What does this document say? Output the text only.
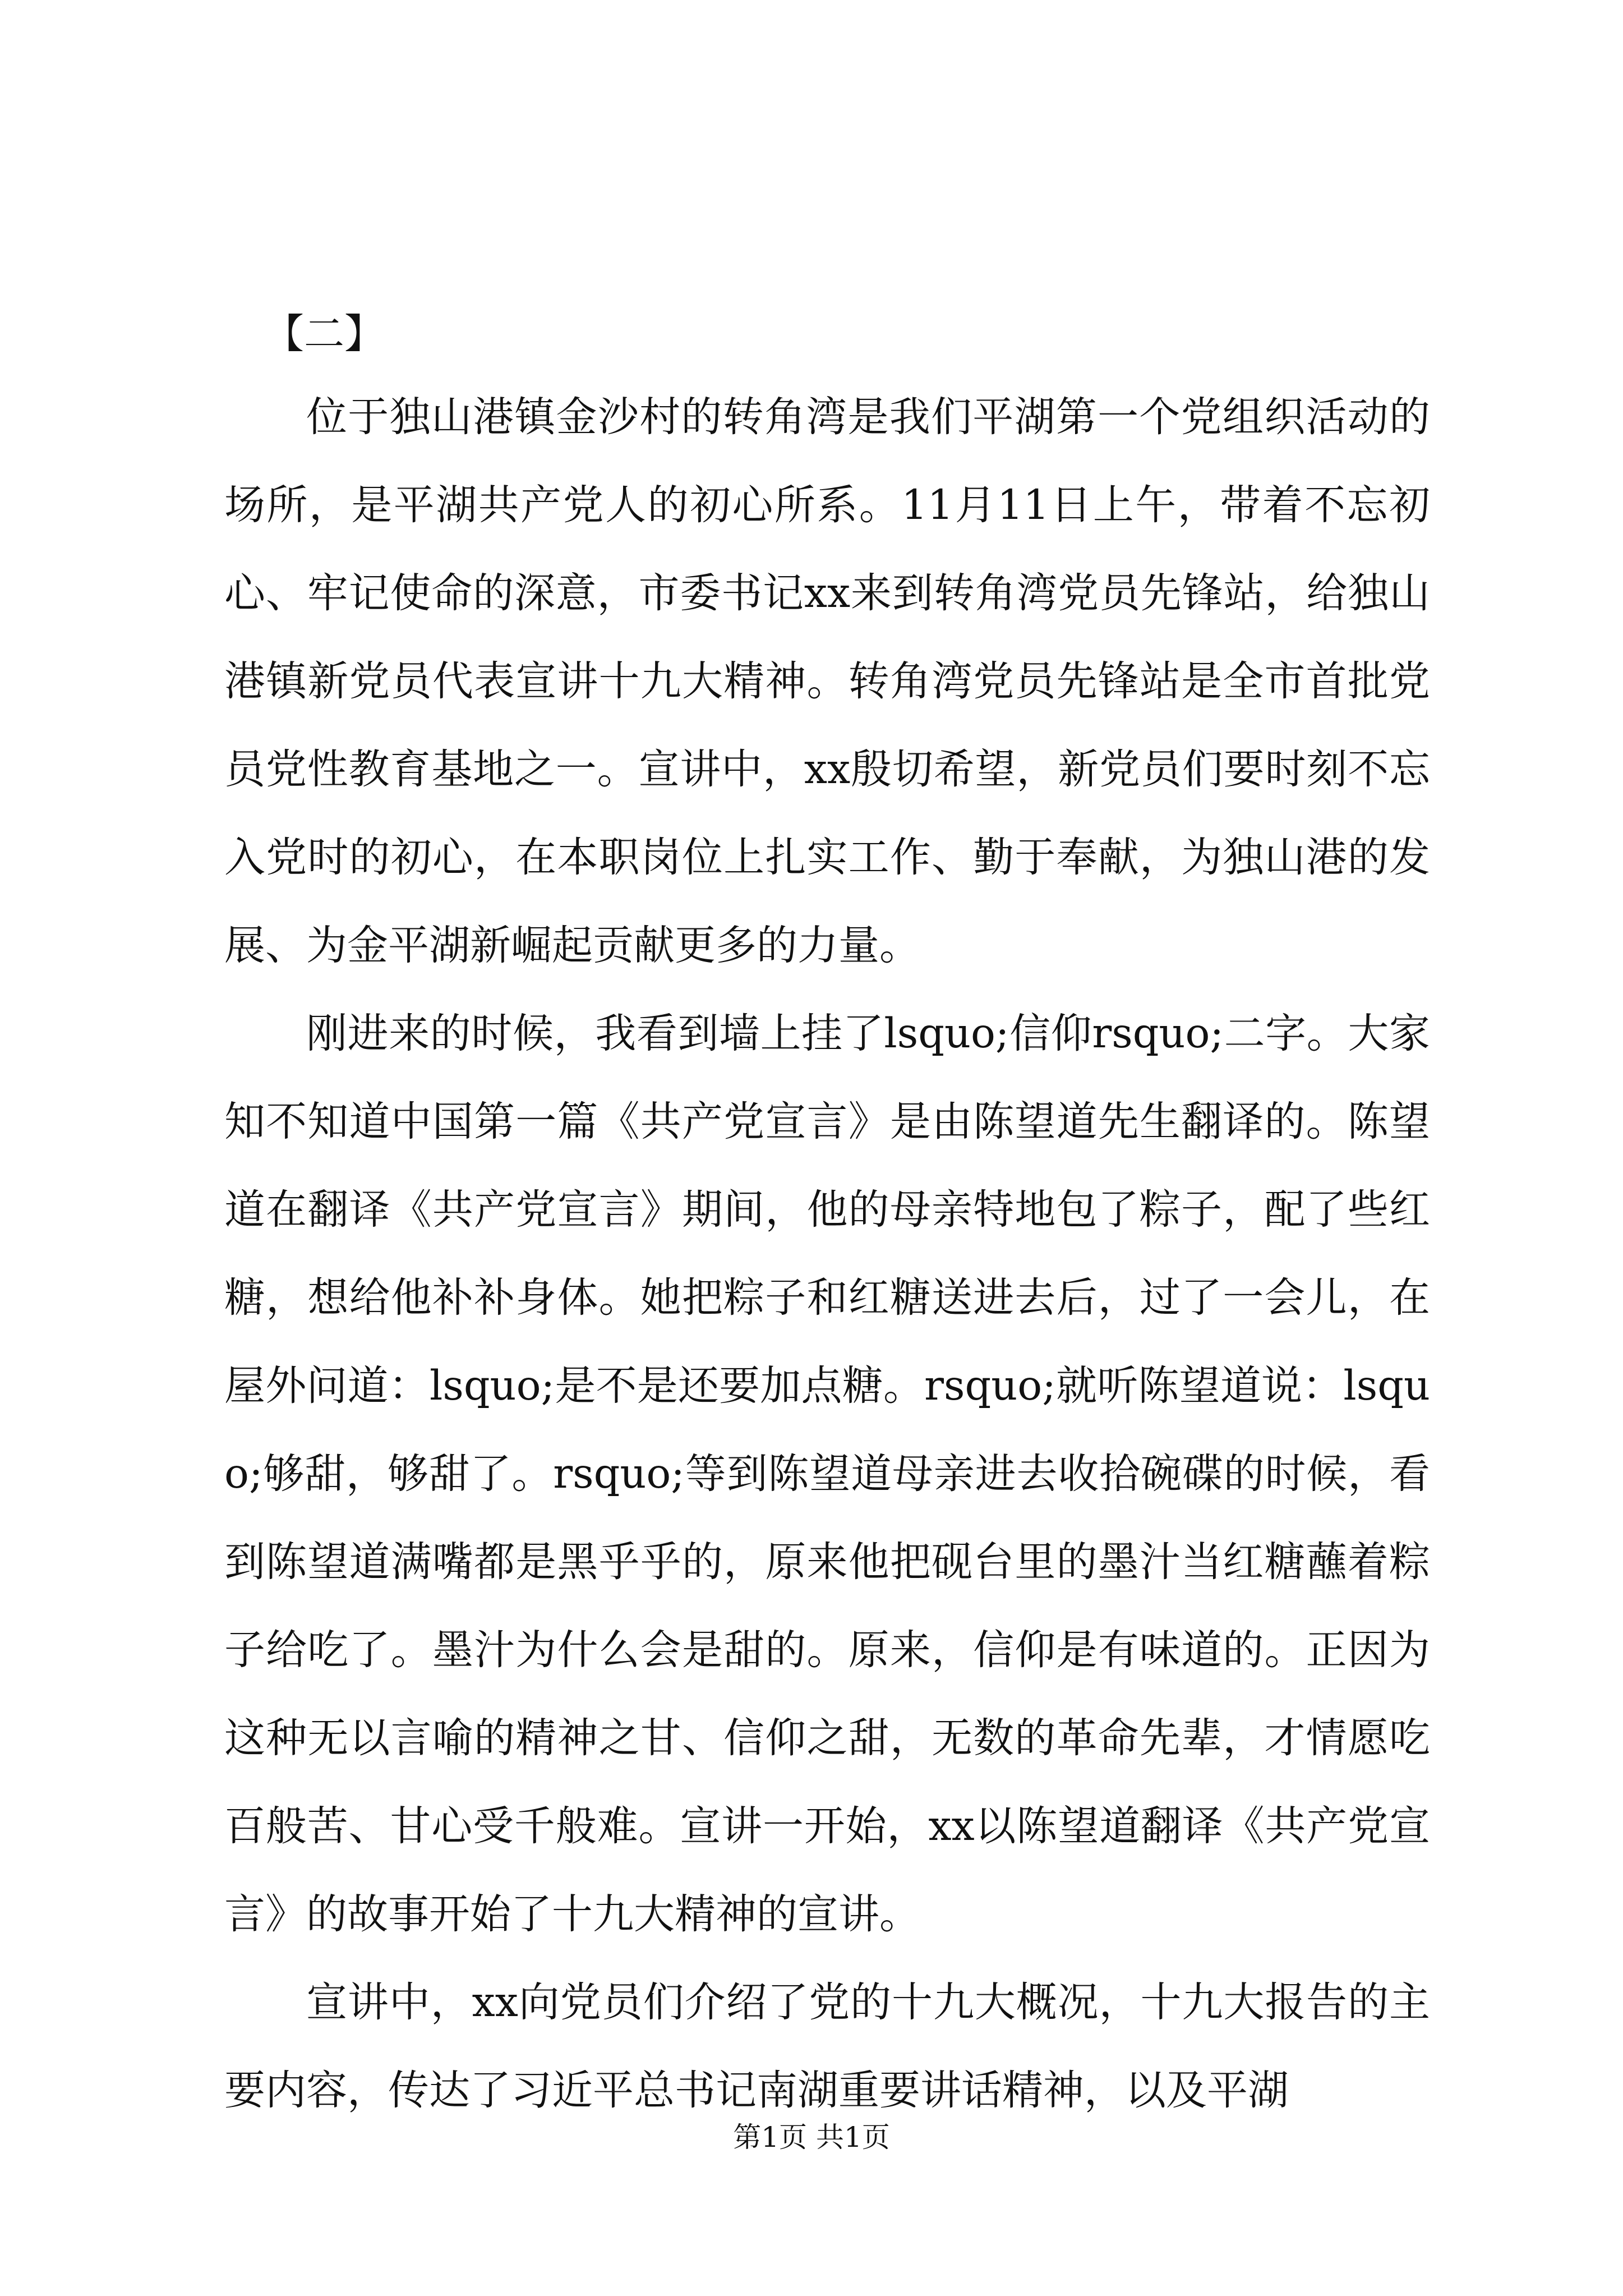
【二】

位于独山港镇金沙村的转角湾是我们平湖第一个党组织活动的场所，是平湖共产党人的初心所系。11月11日上午，带着不忘初心、牢记使命的深意，市委书记xx来到转角湾党员先锋站，给独山港镇新党员代表宣讲十九大精神。转角湾党员先锋站是全市首批党员党性教育基地之一。宣讲中，xx殷切希望，新党员们要时刻不忘入党时的初心，在本职岗位上扎实工作、勤于奉献，为独山港的发展、为金平湖新崛起贡献更多的力量。

刚进来的时候，我看到墙上挂了lsquo;信仰rsquo;二字。大家知不知道中国第一篇《共产党宣言》是由陈望道先生翻译的。陈望道在翻译《共产党宣言》期间，他的母亲特地包了粽子，配了些红糖，想给他补补身体。她把粽子和红糖送进去后，过了一会儿，在屋外问道：lsquo;是不是还要加点糖。rsquo;就听陈望道说：lsquo;够甜，够甜了。rsquo;等到陈望道母亲进去收拾碗碟的时候，看到陈望道满嘴都是黑乎乎的，原来他把砚台里的墨汁当红糖蘸着粽子给吃了。墨汁为什么会是甜的。原来，信仰是有味道的。正因为这种无以言喻的精神之甘、信仰之甜，无数的革命先辈，才情愿吃百般苦、甘心受千般难。宣讲一开始，xx以陈望道翻译《共产党宣言》的故事开始了十九大精神的宣讲。

宣讲中，xx向党员们介绍了党的十九大概况，十九大报告的主要内容，传达了习近平总书记南湖重要讲话精神，以及平湖

第1页 共1页
